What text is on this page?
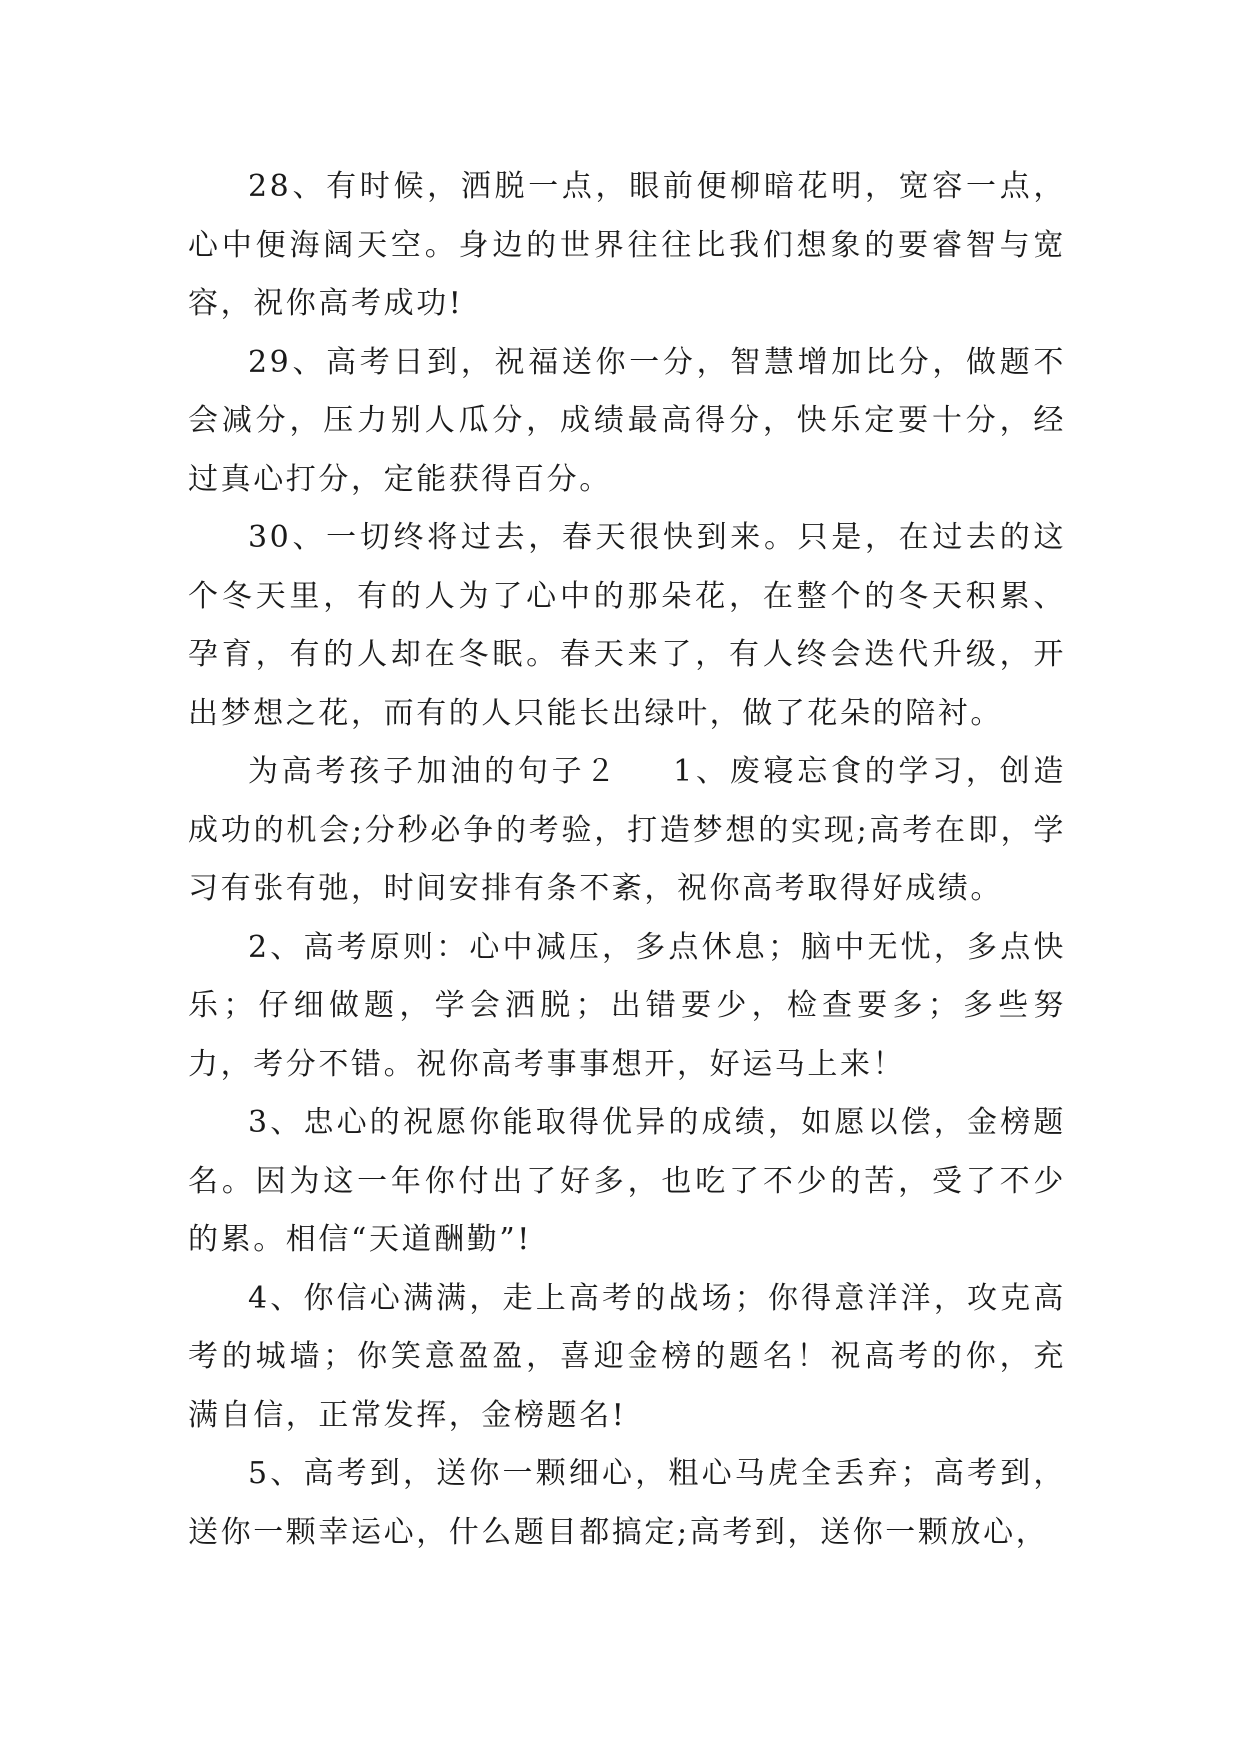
28、有时候，洒脱一点，眼前便柳暗花明，宽容一点，心中便海阔天空。身边的世界往往比我们想象的要睿智与宽容，祝你高考成功!

29、高考日到，祝福送你一分，智慧增加比分，做题不会减分，压力别人瓜分，成绩最高得分，快乐定要十分，经过真心打分，定能获得百分。

30、一切终将过去，春天很快到来。只是，在过去的这个冬天里，有的人为了心中的那朵花，在整个的冬天积累、孕育，有的人却在冬眠。春天来了，有人终会迭代升级，开出梦想之花，而有的人只能长出绿叶，做了花朵的陪衬。

为高考孩子加油的句子２ 1、废寝忘食的学习，创造成功的机会;分秒必争的考验，打造梦想的实现;高考在即，学习有张有弛，时间安排有条不紊，祝你高考取得好成绩。

2、高考原则：心中减压，多点休息；脑中无忧，多点快乐；仔细做题，学会洒脱；出错要少，检查要多；多些努力，考分不错。祝你高考事事想开，好运马上来！

3、忠心的祝愿你能取得优异的成绩，如愿以偿，金榜题名。因为这一年你付出了好多，也吃了不少的苦，受了不少的累。相信“天道酬勤”!

4、你信心满满，走上高考的战场；你得意洋洋，攻克高考的城墙；你笑意盈盈，喜迎金榜的题名！祝高考的你，充满自信，正常发挥，金榜题名!

5、高考到，送你一颗细心，粗心马虎全丢弃；高考到，送你一颗幸运心，什么题目都搞定;高考到，送你一颗放心，
